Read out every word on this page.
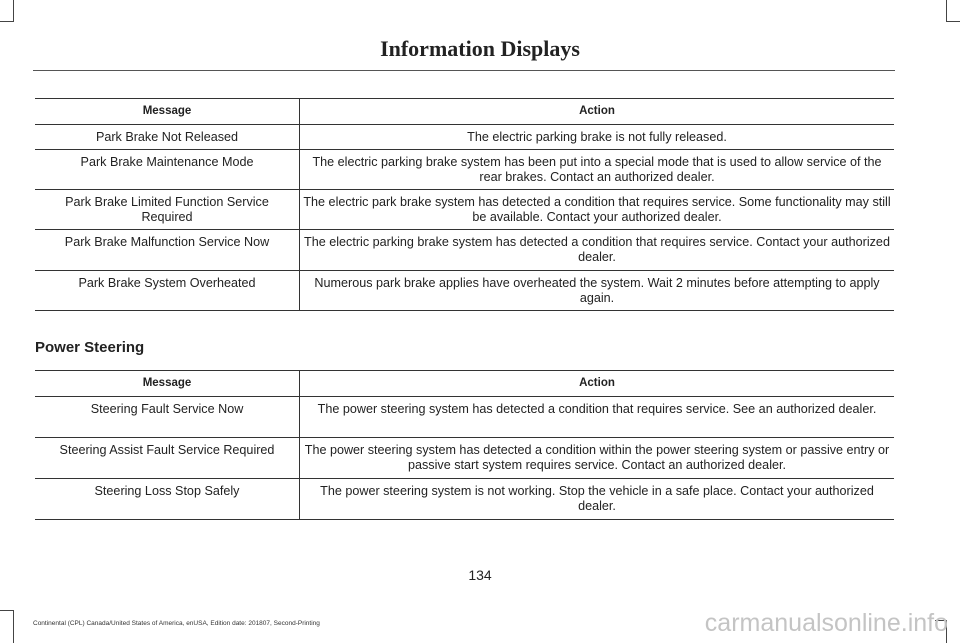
Information Displays
Message	Action
Park Brake Not Released	The electric parking brake is not fully released.
Park Brake Maintenance Mode	The electric parking brake system has been put into a special mode that is used to allow service of the rear brakes. Contact an authorized dealer.
Park Brake Limited Function Service Required	The electric park brake system has detected a condition that requires service. Some functionality may still be available. Contact your authorized dealer.
Park Brake Malfunction Service Now	The electric parking brake system has detected a condition that requires service. Contact your authorized dealer.
Park Brake System Overheated	Numerous park brake applies have overheated the system. Wait 2 minutes before attempting to apply again.
Power Steering
Message	Action
Steering Fault Service Now	The power steering system has detected a condition that requires service. See an authorized dealer.
Steering Assist Fault Service Required	The power steering system has detected a condition within the power steering system or passive entry or passive start system requires service. Contact an authorized dealer.
Steering Loss Stop Safely	The power steering system is not working. Stop the vehicle in a safe place. Contact your authorized dealer.
134
Continental (CPL) Canada/United States of America, enUSA, Edition date: 201807, Second-Printing	carmanualsonline.info
